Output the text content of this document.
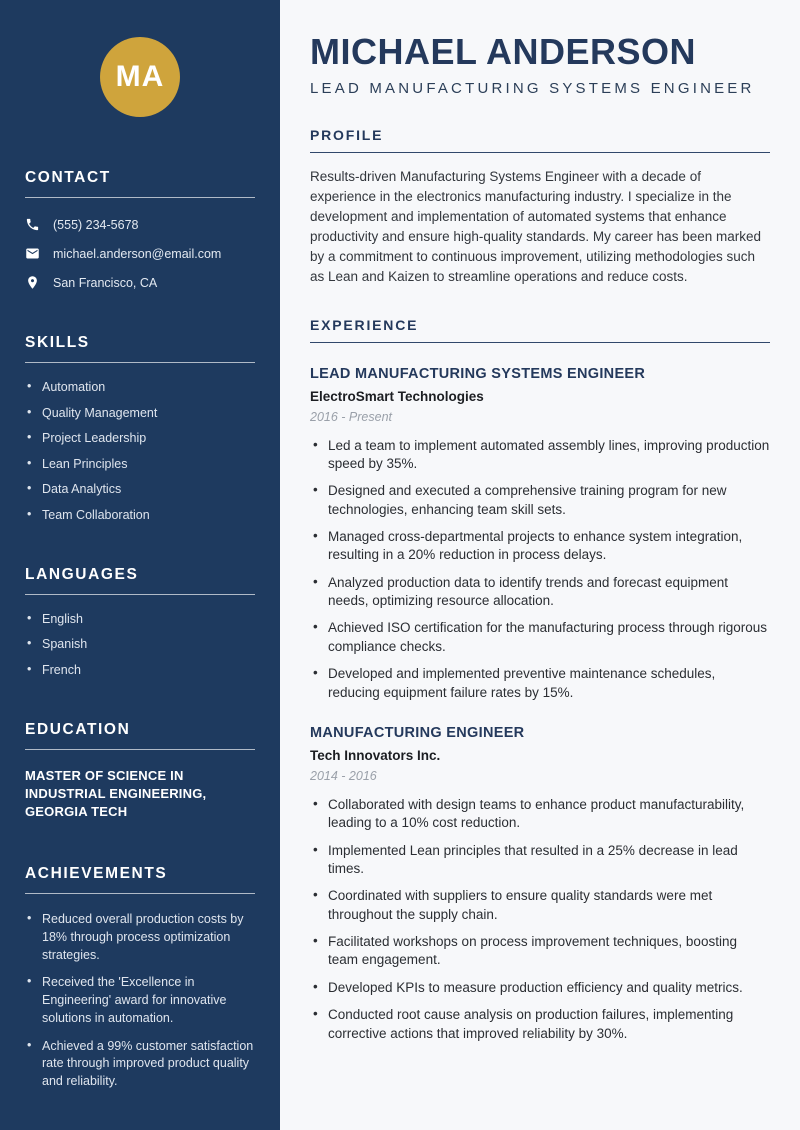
MA
CONTACT
(555) 234-5678
michael.anderson@email.com
San Francisco, CA
SKILLS
• Automation
• Quality Management
• Project Leadership
• Lean Principles
• Data Analytics
• Team Collaboration
LANGUAGES
• English
• Spanish
• French
EDUCATION
MASTER OF SCIENCE IN INDUSTRIAL ENGINEERING, GEORGIA TECH
ACHIEVEMENTS
• Reduced overall production costs by 18% through process optimization strategies.
• Received the 'Excellence in Engineering' award for innovative solutions in automation.
• Achieved a 99% customer satisfaction rate through improved product quality and reliability.
MICHAEL ANDERSON
LEAD MANUFACTURING SYSTEMS ENGINEER
PROFILE

Results-driven Manufacturing Systems Engineer with a decade of experience in the electronics manufacturing industry. I specialize in the development and implementation of automated systems that enhance productivity and ensure high-quality standards. My career has been marked by a commitment to continuous improvement, utilizing methodologies such as Lean and Kaizen to streamline operations and reduce costs.

EXPERIENCE
LEAD MANUFACTURING SYSTEMS ENGINEER
ElectroSmart Technologies
2016 - Present
• Led a team to implement automated assembly lines, improving production speed by 35%.
• Designed and executed a comprehensive training program for new technologies, enhancing team skill sets.
• Managed cross-departmental projects to enhance system integration, resulting in a 20% reduction in process delays.
• Analyzed production data to identify trends and forecast equipment needs, optimizing resource allocation.
• Achieved ISO certification for the manufacturing process through rigorous compliance checks.
• Developed and implemented preventive maintenance schedules, reducing equipment failure rates by 15%.
MANUFACTURING ENGINEER
Tech Innovators Inc.
2014 - 2016
• Collaborated with design teams to enhance product manufacturability, leading to a 10% cost reduction.
• Implemented Lean principles that resulted in a 25% decrease in lead times.
• Coordinated with suppliers to ensure quality standards were met throughout the supply chain.
• Facilitated workshops on process improvement techniques, boosting team engagement.
• Developed KPIs to measure production efficiency and quality metrics.
• Conducted root cause analysis on production failures, implementing corrective actions that improved reliability by 30%.
